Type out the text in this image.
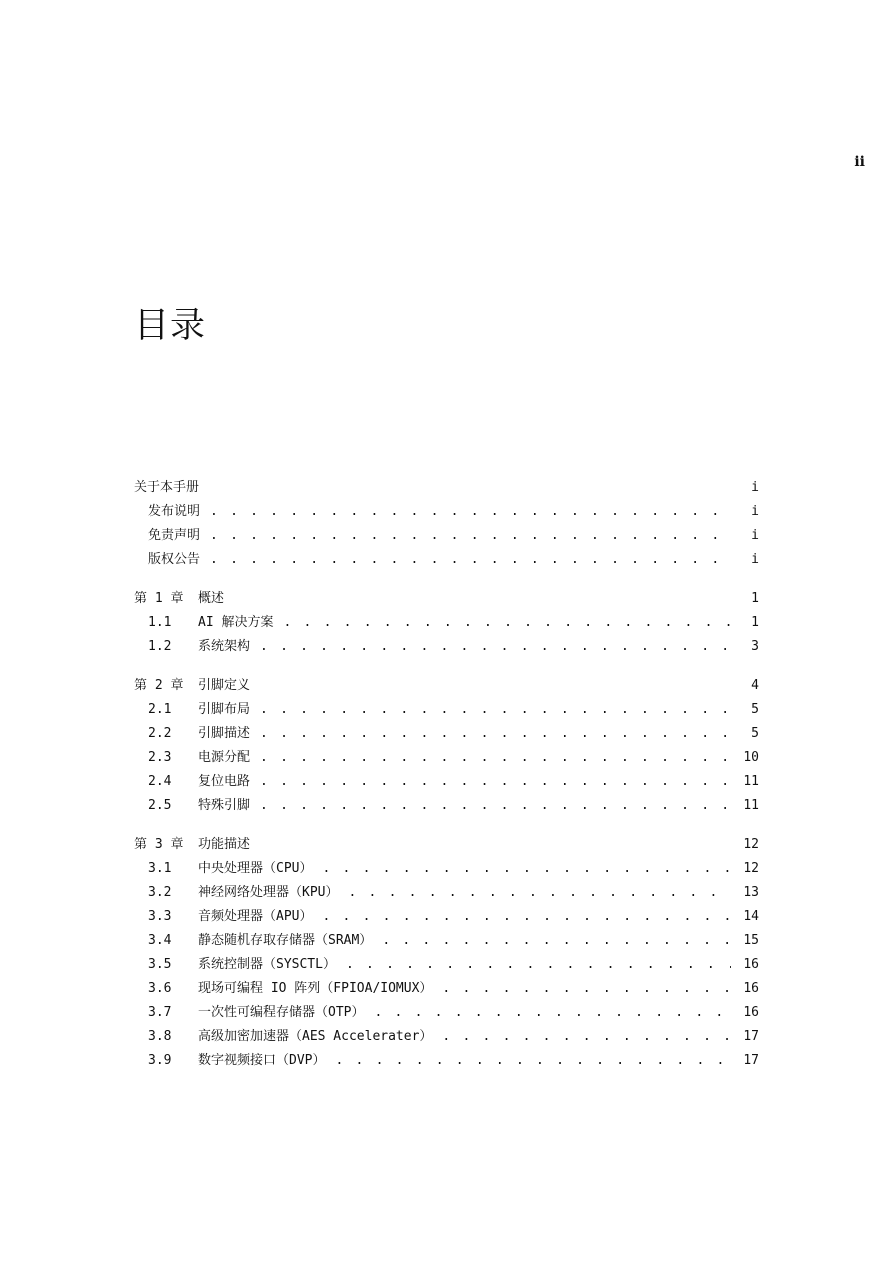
ii
目录
关于本手册	i
发布说明 . . .	i
免责声明 . . .	i
版权公告 . . .	i
第 1 章	概述	1
1.1	AI 解决方案 . . .	1
1.2	系统架构 . . .	3
第 2 章	引脚定义	4
2.1	引脚布局 . . .	5
2.2	引脚描述 . . .	5
2.3	电源分配 . . .	10
2.4	复位电路 . . .	11
2.5	特殊引脚 . . .	11
第 3 章	功能描述	12
3.1	中央处理器（CPU） . . .	12
3.2	神经网络处理器（KPU） . . .	13
3.3	音频处理器（APU） . . .	14
3.4	静态随机存取存储器（SRAM） . . .	15
3.5	系统控制器（SYSCTL） . . .	16
3.6	现场可编程 IO 阵列（FPIOA/IOMUX） . . .	16
3.7	一次性可编程存储器（OTP） . . .	16
3.8	高级加密加速器（AES Accelerater） . . .	17
3.9	数字视频接口（DVP） . . .	17
